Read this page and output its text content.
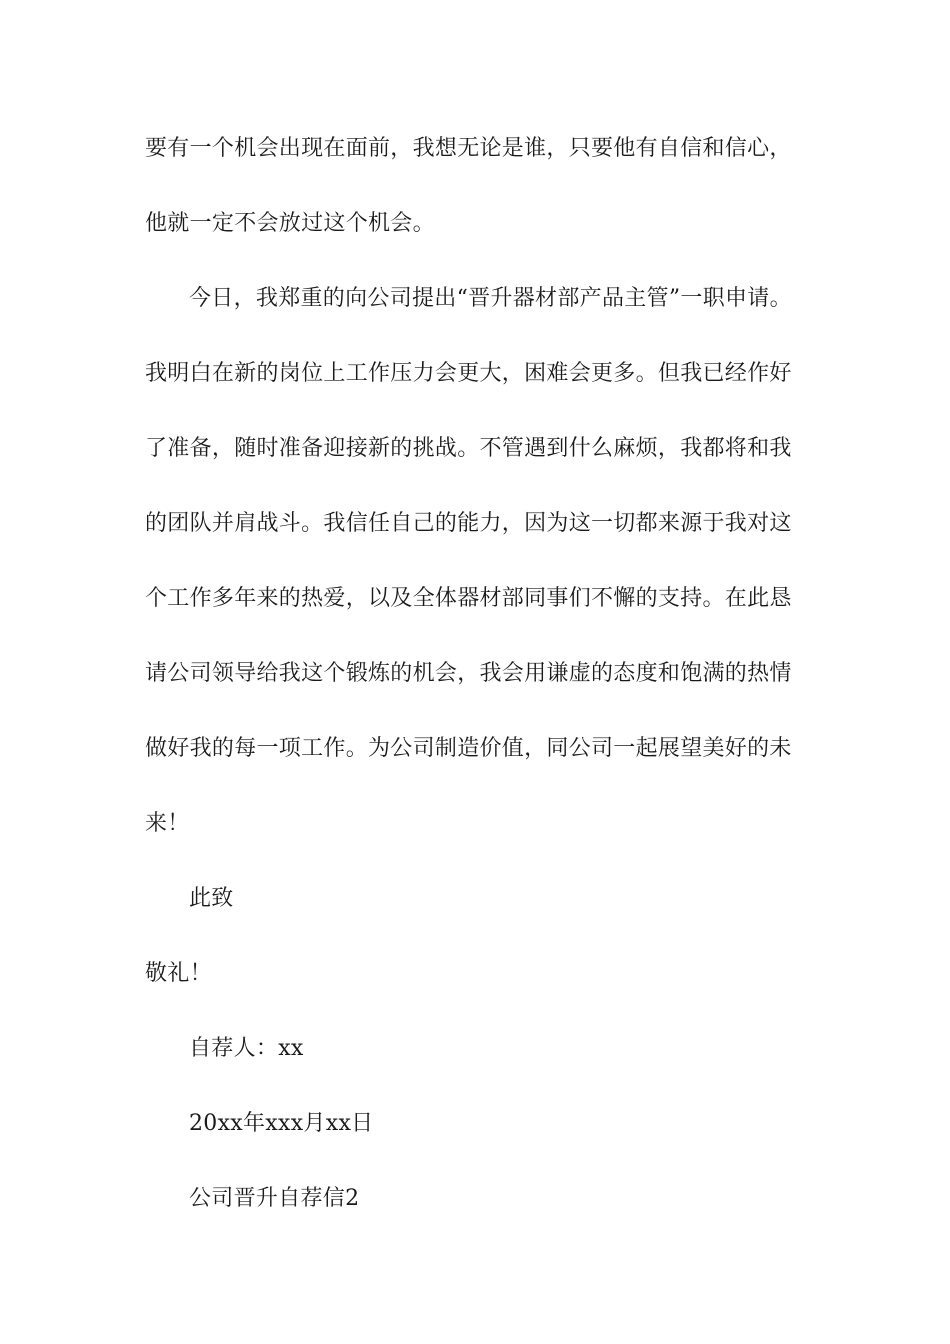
要有一个机会出现在面前，我想无论是谁，只要他有自信和信心，
他就一定不会放过这个机会。
今日，我郑重的向公司提出“晋升器材部产品主管”一职申请。
我明白在新的岗位上工作压力会更大，困难会更多。但我已经作好
了准备，随时准备迎接新的挑战。不管遇到什么麻烦，我都将和我
的团队并肩战斗。我信任自己的能力，因为这一切都来源于我对这
个工作多年来的热爱，以及全体器材部同事们不懈的支持。在此恳
请公司领导给我这个锻炼的机会，我会用谦虚的态度和饱满的热情
做好我的每一项工作。为公司制造价值，同公司一起展望美好的未
来！
此致
敬礼！
自荐人：xx
20xx年xxx月xx日
公司晋升自荐信2
